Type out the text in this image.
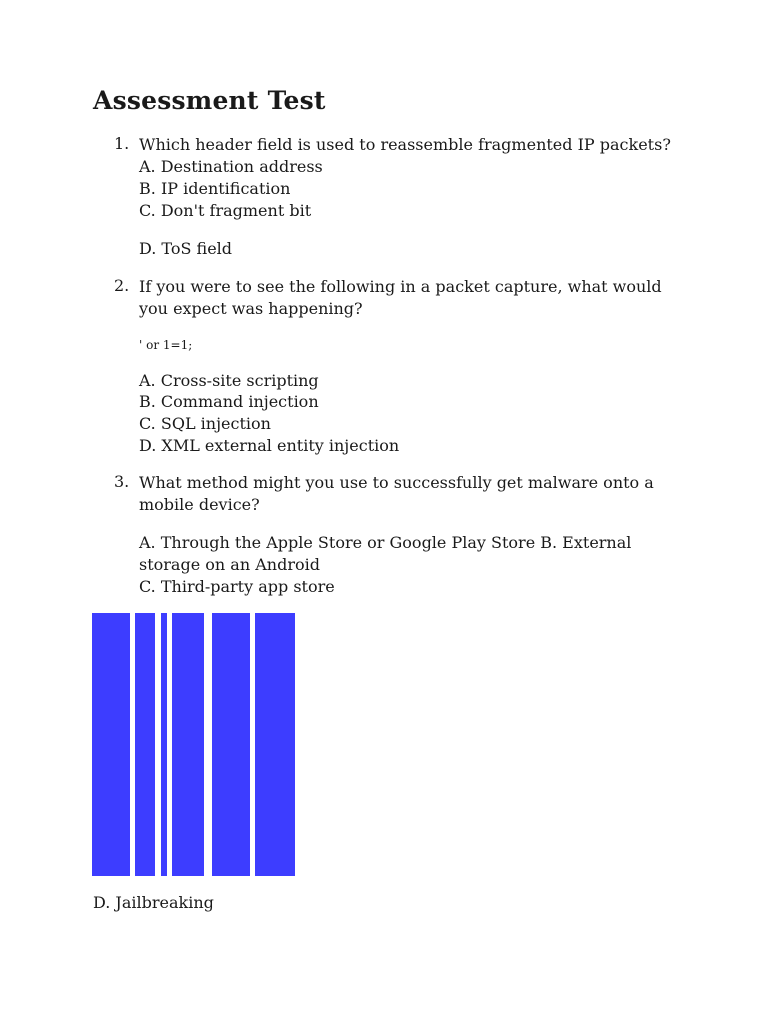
Assessment Test
1. Which header field is used to reassemble fragmented IP packets?
A. Destination address
B. IP identification
C. Don't fragment bit
D. ToS field
2. If you were to see the following in a packet capture, what would
you expect was happening?
' or 1=1;
A. Cross-site scripting
B. Command injection
C. SQL injection
D. XML external entity injection
3. What method might you use to successfully get malware onto a
mobile device?
A. Through the Apple Store or Google Play Store B. External
storage on an Android
C. Third-party app store
D. Jailbreaking
